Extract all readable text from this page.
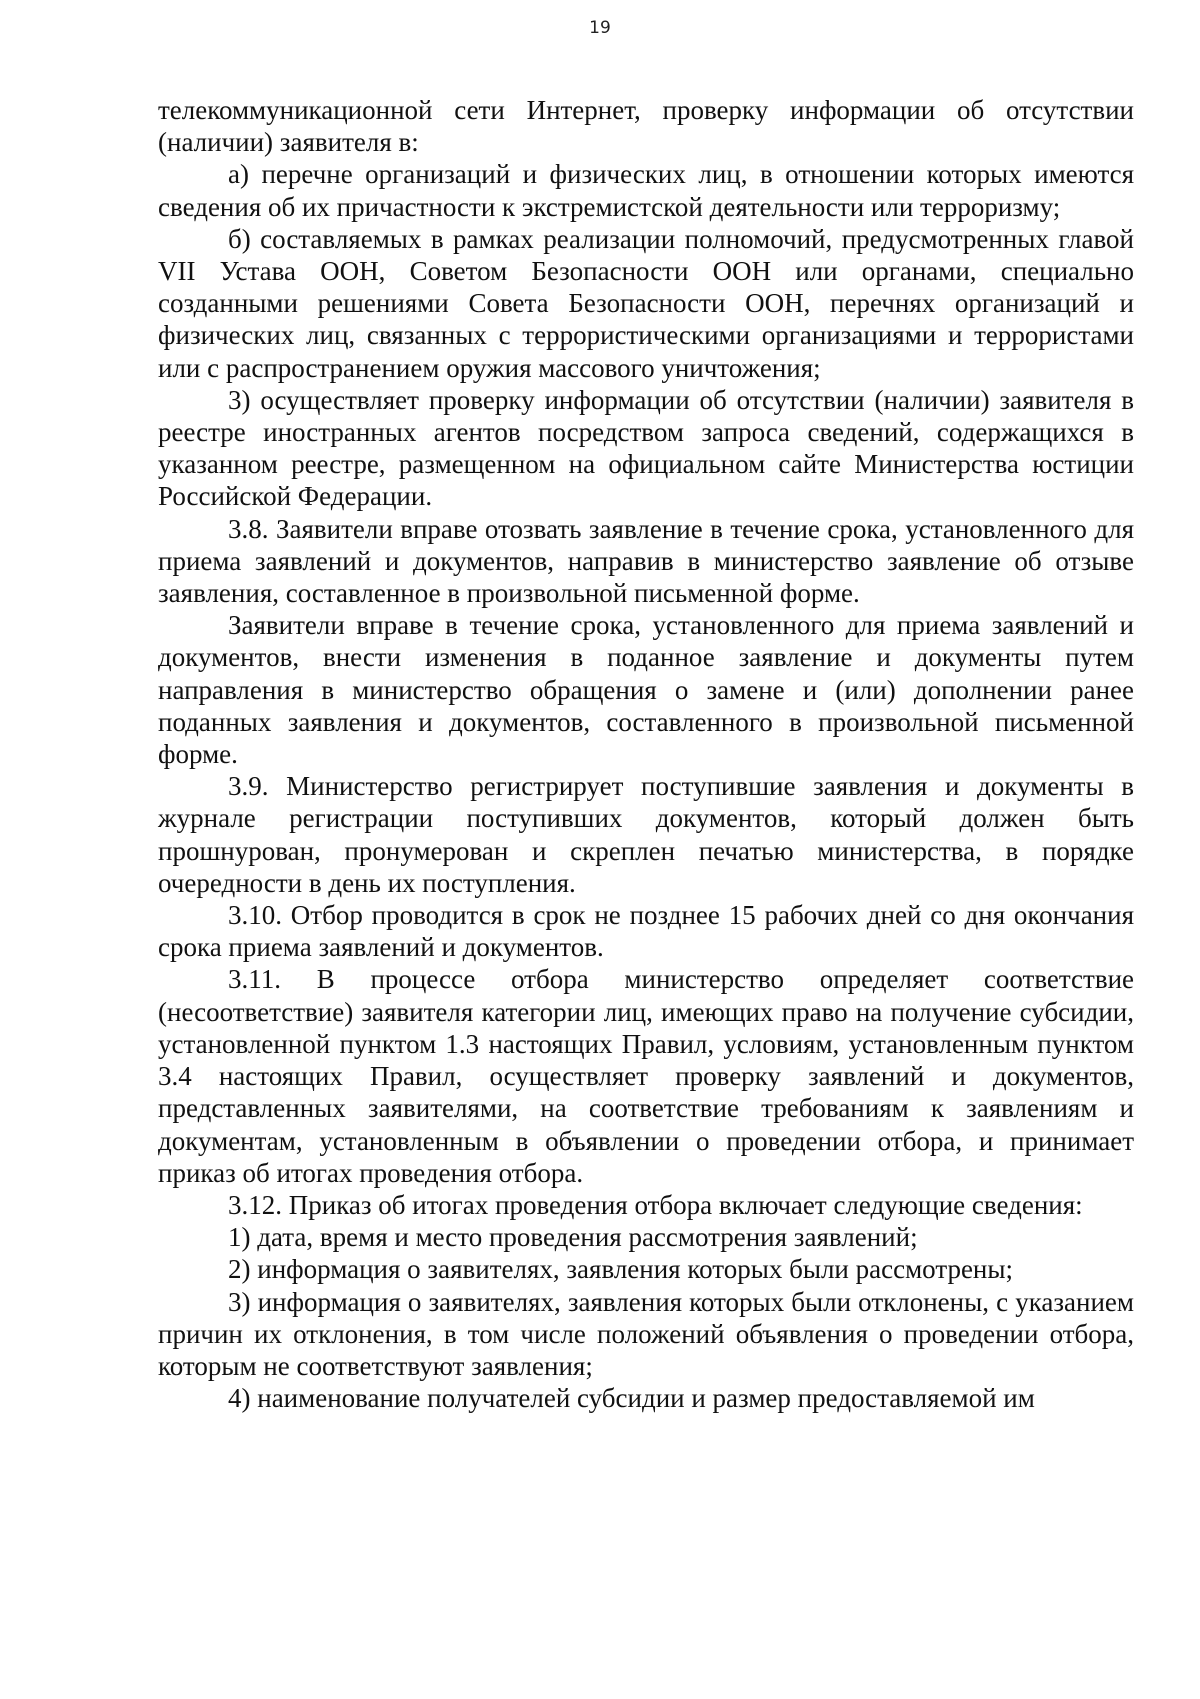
19

телекоммуникационной сети Интернет, проверку информации об отсутствии (наличии) заявителя в:

а) перечне организаций и физических лиц, в отношении которых имеются сведения об их причастности к экстремистской деятельности или терроризму;

б) составляемых в рамках реализации полномочий, предусмотренных главой VII Устава ООН, Советом Безопасности ООН или органами, специально созданными решениями Совета Безопасности ООН, перечнях организаций и физических лиц, связанных с террористическими организациями и террористами или с распространением оружия массового уничтожения;

3) осуществляет проверку информации об отсутствии (наличии) заявителя в реестре иностранных агентов посредством запроса сведений, содержащихся в указанном реестре, размещенном на официальном сайте Министерства юстиции Российской Федерации.

3.8. Заявители вправе отозвать заявление в течение срока, установленного для приема заявлений и документов, направив в министерство заявление об отзыве заявления, составленное в произвольной письменной форме.

Заявители вправе в течение срока, установленного для приема заявлений и документов, внести изменения в поданное заявление и документы путем направления в министерство обращения о замене и (или) дополнении ранее поданных заявления и документов, составленного в произвольной письменной форме.

3.9. Министерство регистрирует поступившие заявления и документы в журнале регистрации поступивших документов, который должен быть прошнурован, пронумерован и скреплен печатью министерства, в порядке очередности в день их поступления.

3.10. Отбор проводится в срок не позднее 15 рабочих дней со дня окончания срока приема заявлений и документов.

3.11. В процессе отбора министерство определяет соответствие (несоответствие) заявителя категории лиц, имеющих право на получение субсидии, установленной пунктом 1.3 настоящих Правил, условиям, установленным пунктом 3.4 настоящих Правил, осуществляет проверку заявлений и документов, представленных заявителями, на соответствие требованиям к заявлениям и документам, установленным в объявлении о проведении отбора, и принимает приказ об итогах проведения отбора.

3.12. Приказ об итогах проведения отбора включает следующие сведения:

1) дата, время и место проведения рассмотрения заявлений;

2) информация о заявителях, заявления которых были рассмотрены;

3) информация о заявителях, заявления которых были отклонены, с указанием причин их отклонения, в том числе положений объявления о проведении отбора, которым не соответствуют заявления;

4) наименование получателей субсидии и размер предоставляемой им
